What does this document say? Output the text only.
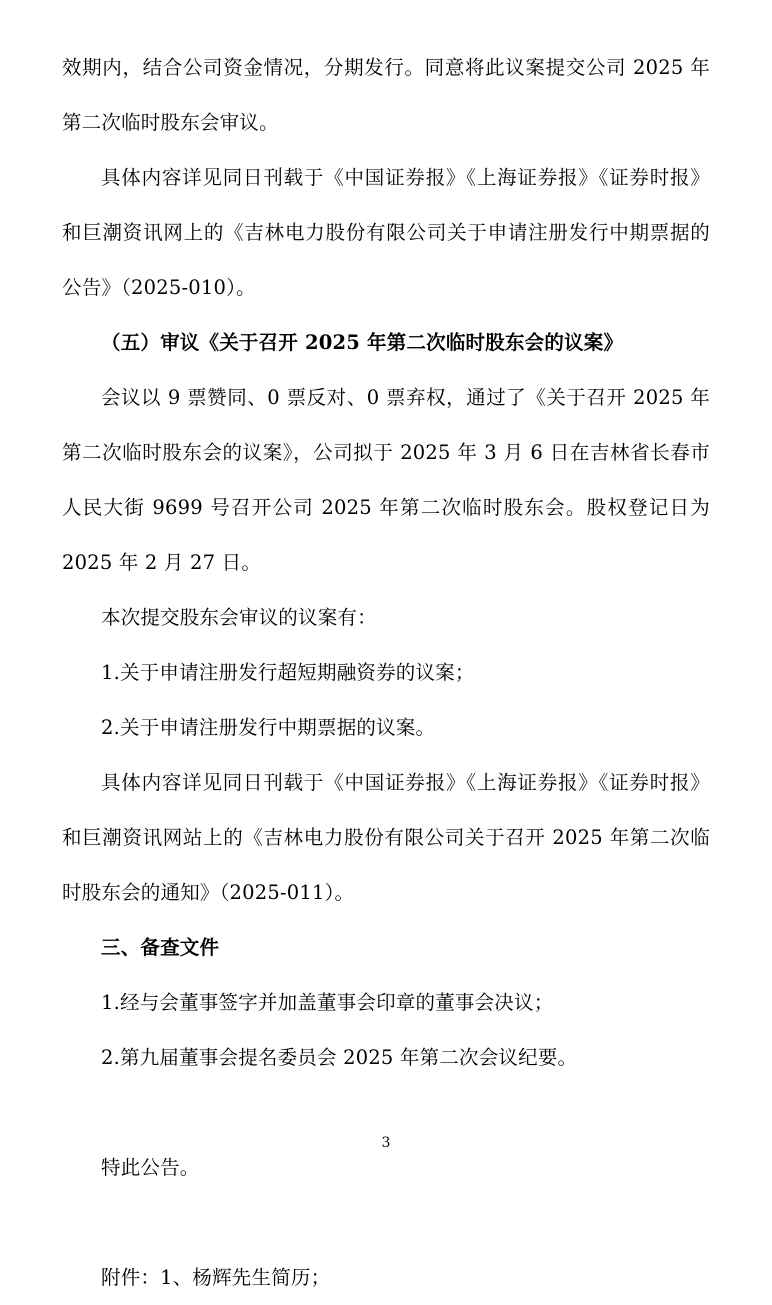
效期内，结合公司资金情况，分期发行。同意将此议案提交公司 2025 年第二次临时股东会审议。

具体内容详见同日刊载于《中国证券报》《上海证券报》《证券时报》和巨潮资讯网上的《吉林电力股份有限公司关于申请注册发行中期票据的公告》（2025-010）。

（五）审议《关于召开 2025 年第二次临时股东会的议案》

会议以 9 票赞同、0 票反对、0 票弃权，通过了《关于召开 2025 年第二次临时股东会的议案》，公司拟于 2025 年 3 月 6 日在吉林省长春市人民大街 9699 号召开公司 2025 年第二次临时股东会。股权登记日为 2025 年 2 月 27 日。

本次提交股东会审议的议案有：

1.关于申请注册发行超短期融资券的议案；

2.关于申请注册发行中期票据的议案。

具体内容详见同日刊载于《中国证券报》《上海证券报》《证券时报》和巨潮资讯网站上的《吉林电力股份有限公司关于召开 2025 年第二次临时股东会的通知》（2025-011）。

三、备查文件

1.经与会董事签字并加盖董事会印章的董事会决议；

2.第九届董事会提名委员会 2025 年第二次会议纪要。

特此公告。

附件：1、杨辉先生简历；

3
